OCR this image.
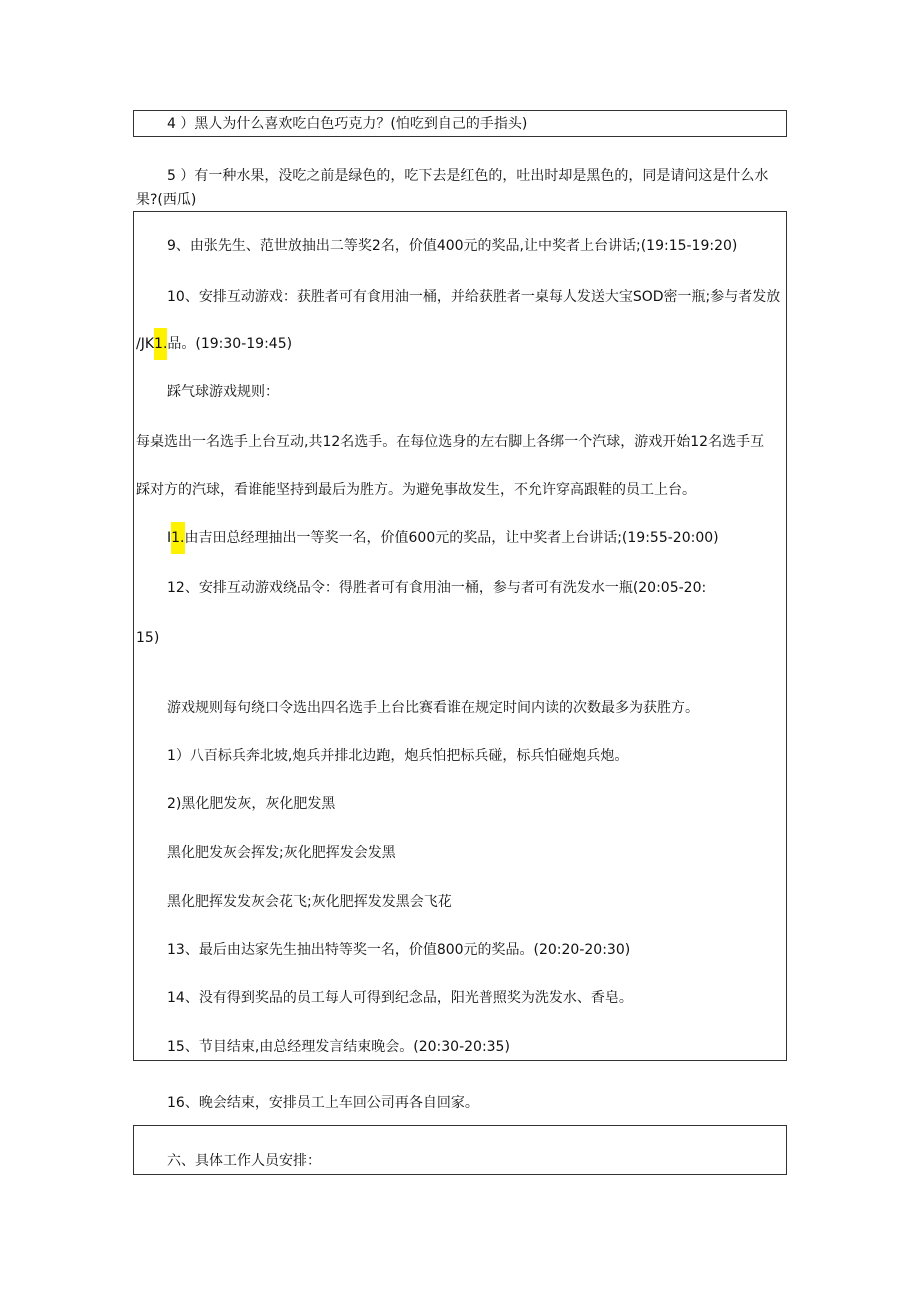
4 ）黑人为什么喜欢吃白色巧克力？(怕吃到自己的手指头)
5 ）有一种水果，没吃之前是绿色的，吃下去是红色的，吐出时却是黑色的，同是请问这是什么水
果?(西瓜)
9、由张先生、范世放抽出二等奖2名，价值400元的奖品,让中奖者上台讲话;(19:15-19:20)
10、安排互动游戏：获胜者可有食用油一桶，并给获胜者一桌每人发送大宝SOD密一瓶;参与者发放
/JK1.品。(19:30-19:45)
踩气球游戏规则：
每桌选出一名选手上台互动,共12名选手。在每位选身的左右脚上各绑一个汽球，游戏开始12名选手互
踩对方的汽球，看谁能坚持到最后为胜方。为避免事故发生，不允许穿高跟鞋的员工上台。
I1.由吉田总经理抽出一等奖一名，价值600元的奖品，让中奖者上台讲话;(19:55-20:00)
12、安排互动游戏绕品令：得胜者可有食用油一桶，参与者可有洗发水一瓶(20:05-20:
15)
游戏规则每句绕口令选出四名选手上台比赛看谁在规定时间内读的次数最多为获胜方。
1）八百标兵奔北坡,炮兵并排北边跑，炮兵怕把标兵碰，标兵怕碰炮兵炮。
2)黑化肥发灰，灰化肥发黑
黑化肥发灰会挥发;灰化肥挥发会发黑
黑化肥挥发发灰会花飞;灰化肥挥发发黑会飞花
13、最后由达家先生抽出特等奖一名，价值800元的奖品。(20:20-20:30)
14、没有得到奖品的员工每人可得到纪念品，阳光普照奖为洗发水、香皂。
15、节目结束,由总经理发言结束晚会。(20:30-20:35)
16、晚会结束，安排员工上车回公司再各自回家。
六、具体工作人员安排：
